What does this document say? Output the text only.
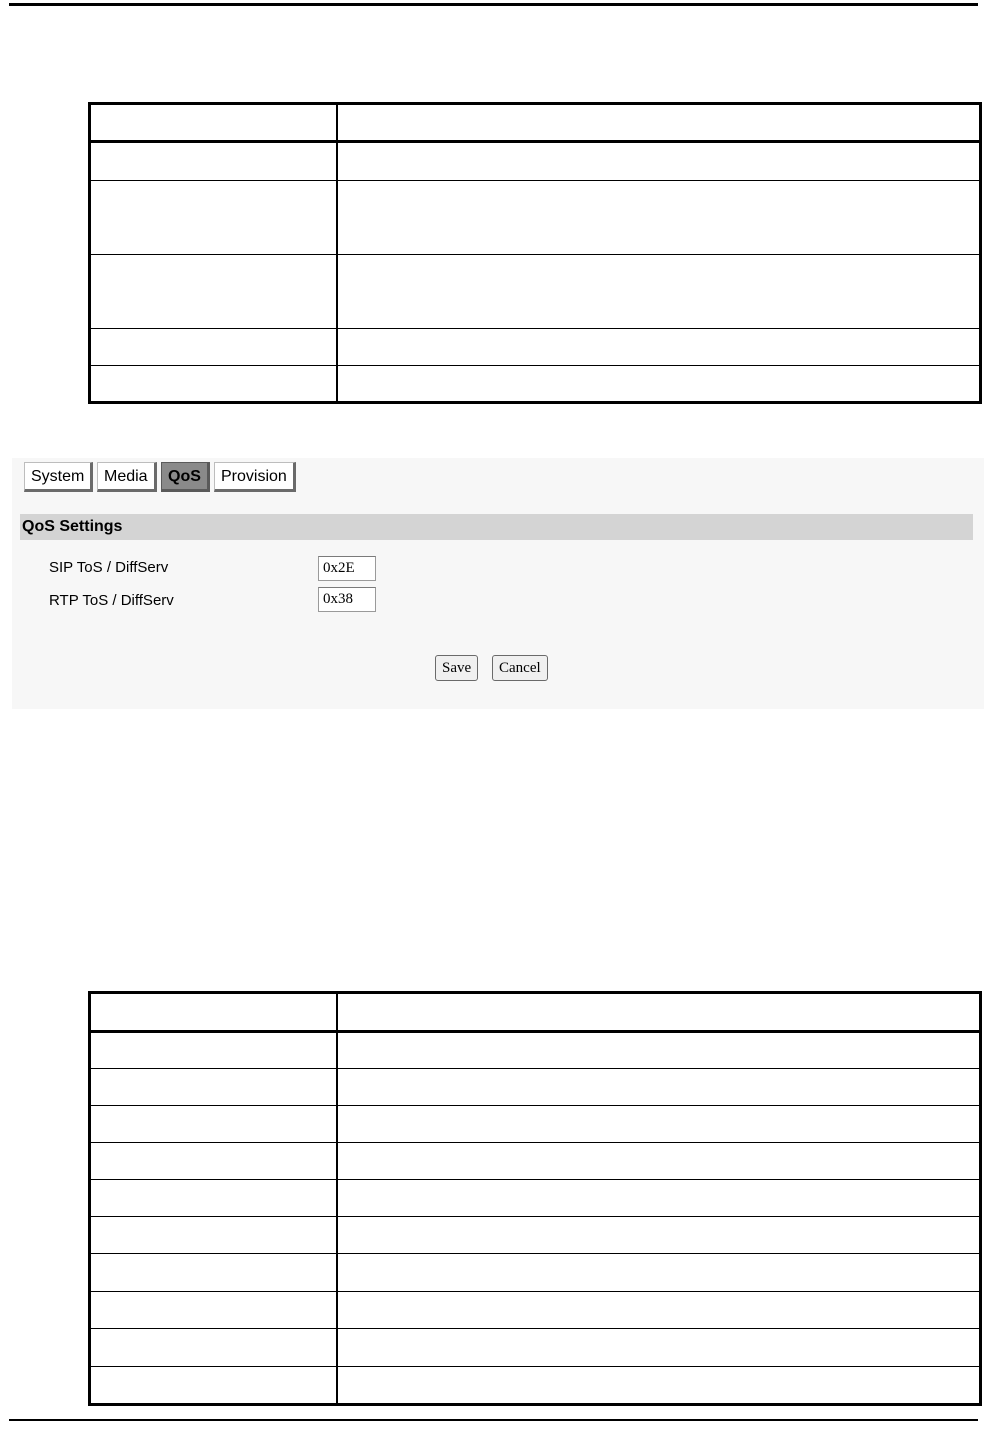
System	Media	QoS	Provision
QoS Settings
SIP ToS / DiffServ
0x2E
RTP ToS / DiffServ
0x38
Save	Cancel
